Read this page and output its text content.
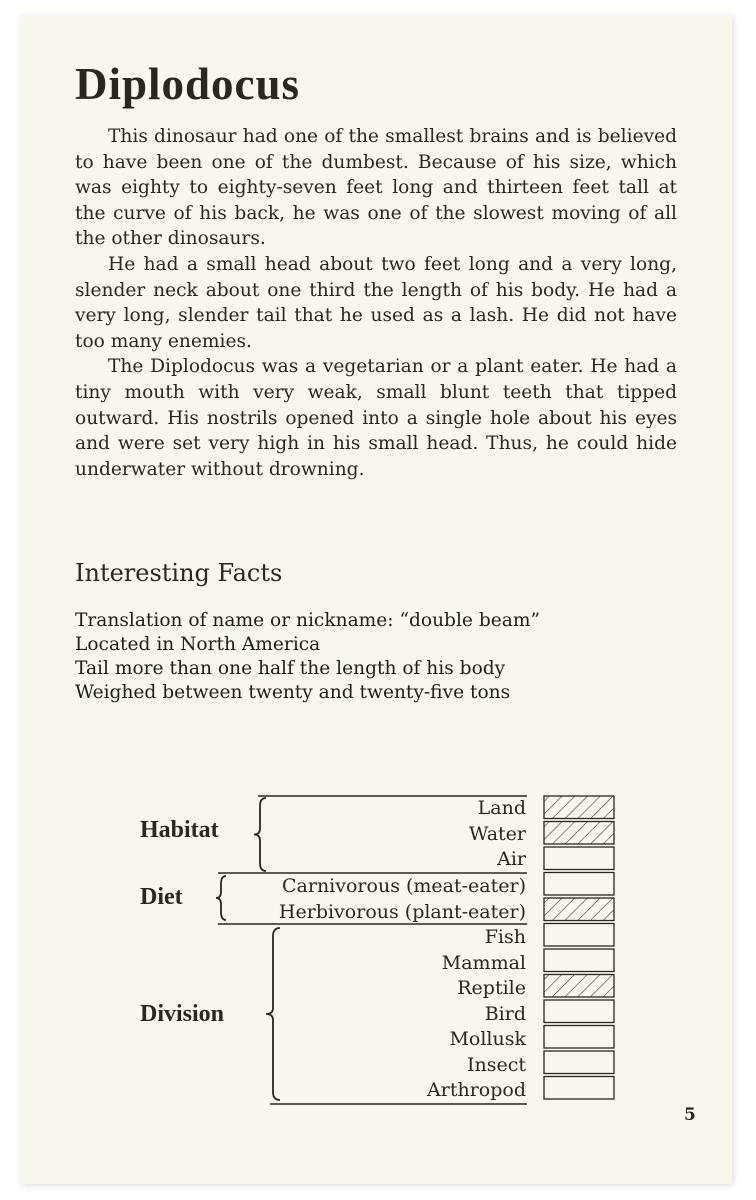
Diplodocus

This dinosaur had one of the smallest brains and is believed to have been one of the dumbest. Because of his size, which was eighty to eighty-seven feet long and thirteen feet tall at the curve of his back, he was one of the slowest moving of all the other dinosaurs.

He had a small head about two feet long and a very long, slender neck about one third the length of his body. He had a very long, slender tail that he used as a lash. He did not have too many enemies.

The Diplodocus was a vegetarian or a plant eater. He had a tiny mouth with very weak, small blunt teeth that tipped outward. His nostrils opened into a single hole about his eyes and were set very high in his small head. Thus, he could hide underwater without drowning.

Interesting Facts
Translation of name or nickname: “double beam”
Located in North America
Tail more than one half the length of his body
Weighed between twenty and twenty-five tons
Habitat
Diet
Division
Land
Water
Air
Carnivorous (meat-eater)
Herbivorous (plant-eater)
Fish
Mammal
Reptile
Bird
Mollusk
Insect
Arthropod
5
